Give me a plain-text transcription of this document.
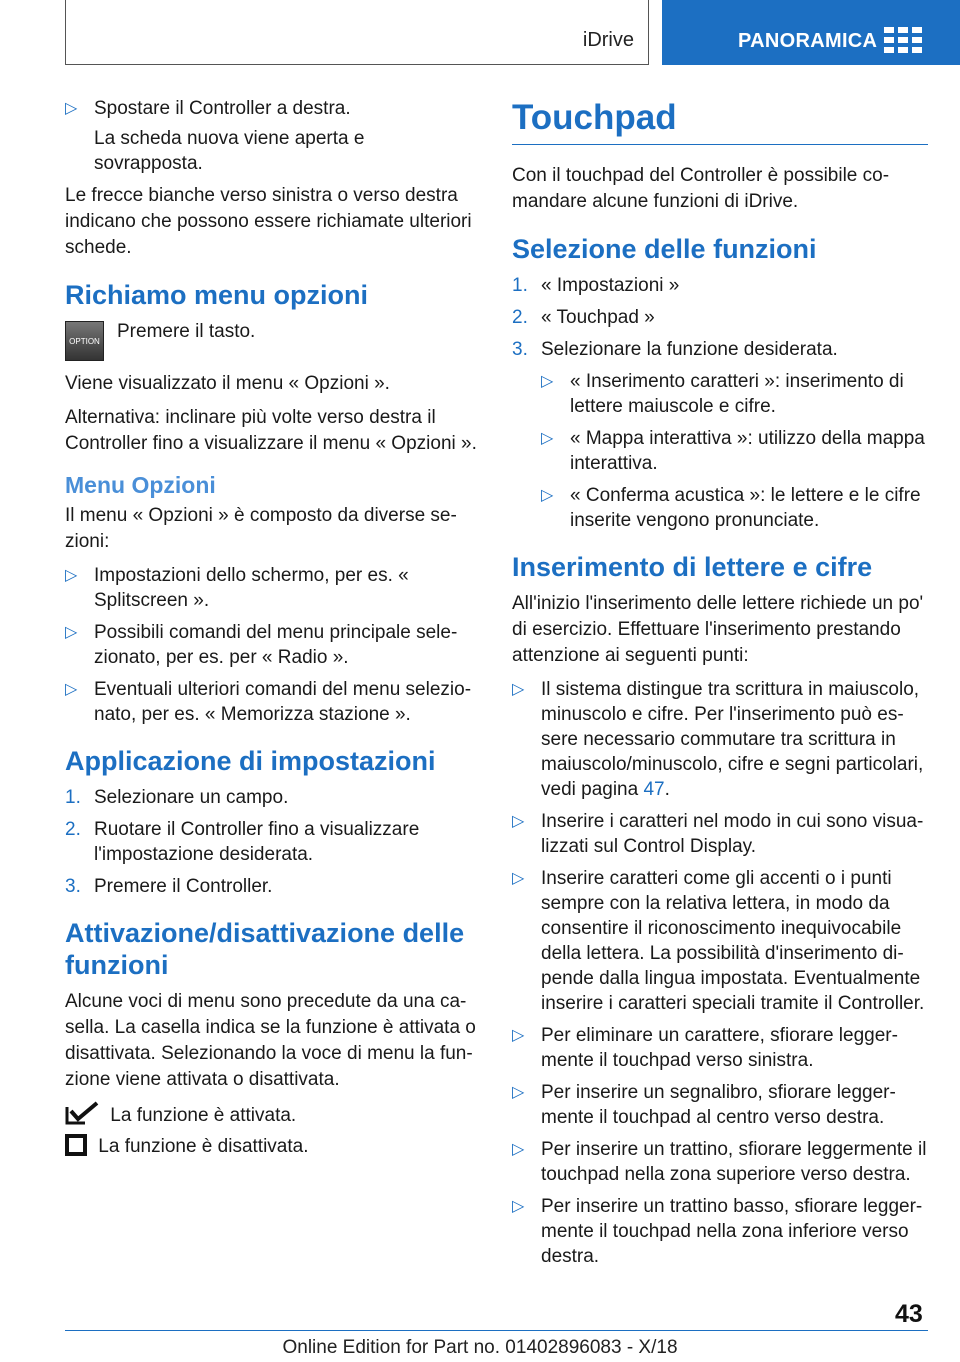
iDrive	PANORAMICA
▷ Spostare il Controller a destra.
La scheda nuova viene aperta e sovrapposta.

Le frecce bianche verso sinistra o verso destra indicano che possono essere richiamate ulteriori schede.

Richiamo menu opzioni
OPTION Premere il tasto.

Viene visualizzato il menu « Opzioni ».

Alternativa: inclinare più volte verso destra il Controller fino a visualizzare il menu « Opzioni ».

Menu Opzioni

Il menu « Opzioni » è composto da diverse sezioni:

▷ Impostazioni dello schermo, per es. « Splitscreen ».
▷ Possibili comandi del menu principale selezionato, per es. per « Radio ».
▷ Eventuali ulteriori comandi del menu selezionato, per es. « Memorizza stazione ».
Applicazione di impostazioni
1. Selezionare un campo.
2. Ruotare il Controller fino a visualizzare l'impostazione desiderata.
3. Premere il Controller.
Attivazione/disattivazione delle funzioni

Alcune voci di menu sono precedute da una casella. La casella indica se la funzione è attivata o disattivata. Selezionando la voce di menu la funzione viene attivata o disattivata.

La funzione è attivata.
La funzione è disattivata.
Touchpad

Con il touchpad del Controller è possibile comandare alcune funzioni di iDrive.

Selezione delle funzioni
1. « Impostazioni »
2. « Touchpad »
3. Selezionare la funzione desiderata.
▷ « Inserimento caratteri »: inserimento di lettere maiuscole e cifre.
▷ « Mappa interattiva »: utilizzo della mappa interattiva.
▷ « Conferma acustica »: le lettere e le cifre inserite vengono pronunciate.
Inserimento di lettere e cifre

All'inizio l'inserimento delle lettere richiede un po' di esercizio. Effettuare l'inserimento prestando attenzione ai seguenti punti:

▷ Il sistema distingue tra scrittura in maiuscolo, minuscolo e cifre. Per l'inserimento può essere necessario commutare tra scrittura in maiuscolo/minuscolo, cifre e segni particolari, vedi pagina 47.
▷ Inserire i caratteri nel modo in cui sono visualizzati sul Control Display.
▷ Inserire caratteri come gli accenti o i punti sempre con la relativa lettera, in modo da consentire il riconoscimento inequivocabile della lettera. La possibilità d'inserimento dipende dalla lingua impostata. Eventualmente inserire i caratteri speciali tramite il Controller.
▷ Per eliminare un carattere, sfiorare leggermente il touchpad verso sinistra.
▷ Per inserire un segnalibro, sfiorare leggermente il touchpad al centro verso destra.
▷ Per inserire un trattino, sfiorare leggermente il touchpad nella zona superiore verso destra.
▷ Per inserire un trattino basso, sfiorare leggermente il touchpad nella zona inferiore verso destra.
43
Online Edition for Part no. 01402896083 - X/18
